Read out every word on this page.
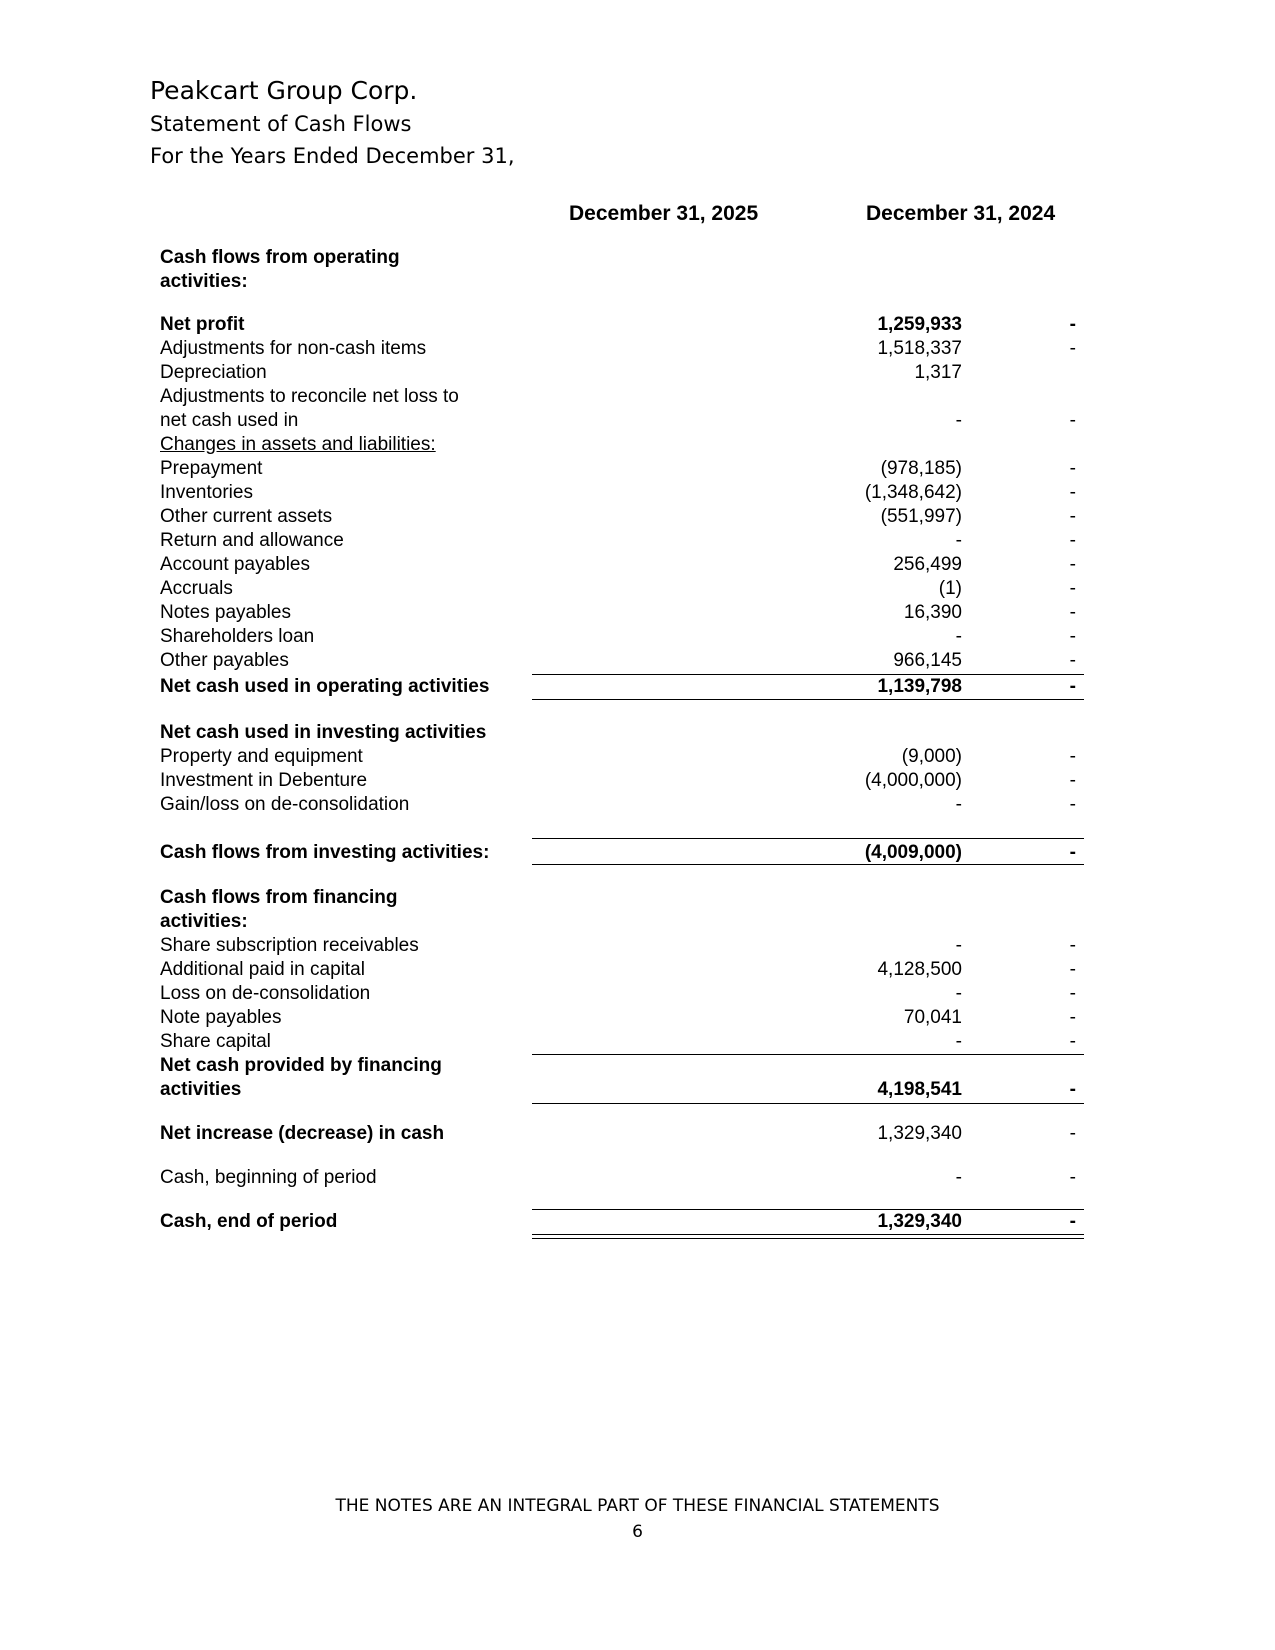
Peakcart Group Corp.
Statement of Cash Flows
For the Years Ended December 31,
December 31, 2025	December 31, 2024
Cash flows from operating
activities:
Net profit	1,259,933	-
Adjustments for non-cash items	1,518,337	-
Depreciation	1,317
Adjustments to reconcile net loss to
net cash used in	-	-
Changes in assets and liabilities:
Prepayment	(978,185)	-
Inventories	(1,348,642)	-
Other current assets	(551,997)	-
Return and allowance	-	-
Account payables	256,499	-
Accruals	(1)	-
Notes payables	16,390	-
Shareholders loan	-	-
Other payables	966,145	-
Net cash used in operating activities	1,139,798	-
Net cash used in investing activities
Property and equipment	(9,000)	-
Investment in Debenture	(4,000,000)	-
Gain/loss on de-consolidation	-	-
Cash flows from investing activities:	(4,009,000)	-
Cash flows from financing
activities:
Share subscription receivables	-	-
Additional paid in capital	4,128,500	-
Loss on de-consolidation	-	-
Note payables	70,041	-
Share capital	-	-
Net cash provided by financing
activities	4,198,541	-
Net increase (decrease) in cash	1,329,340	-
Cash, beginning of period	-	-
Cash, end of period	1,329,340	-
THE NOTES ARE AN INTEGRAL PART OF THESE FINANCIAL STATEMENTS
6
